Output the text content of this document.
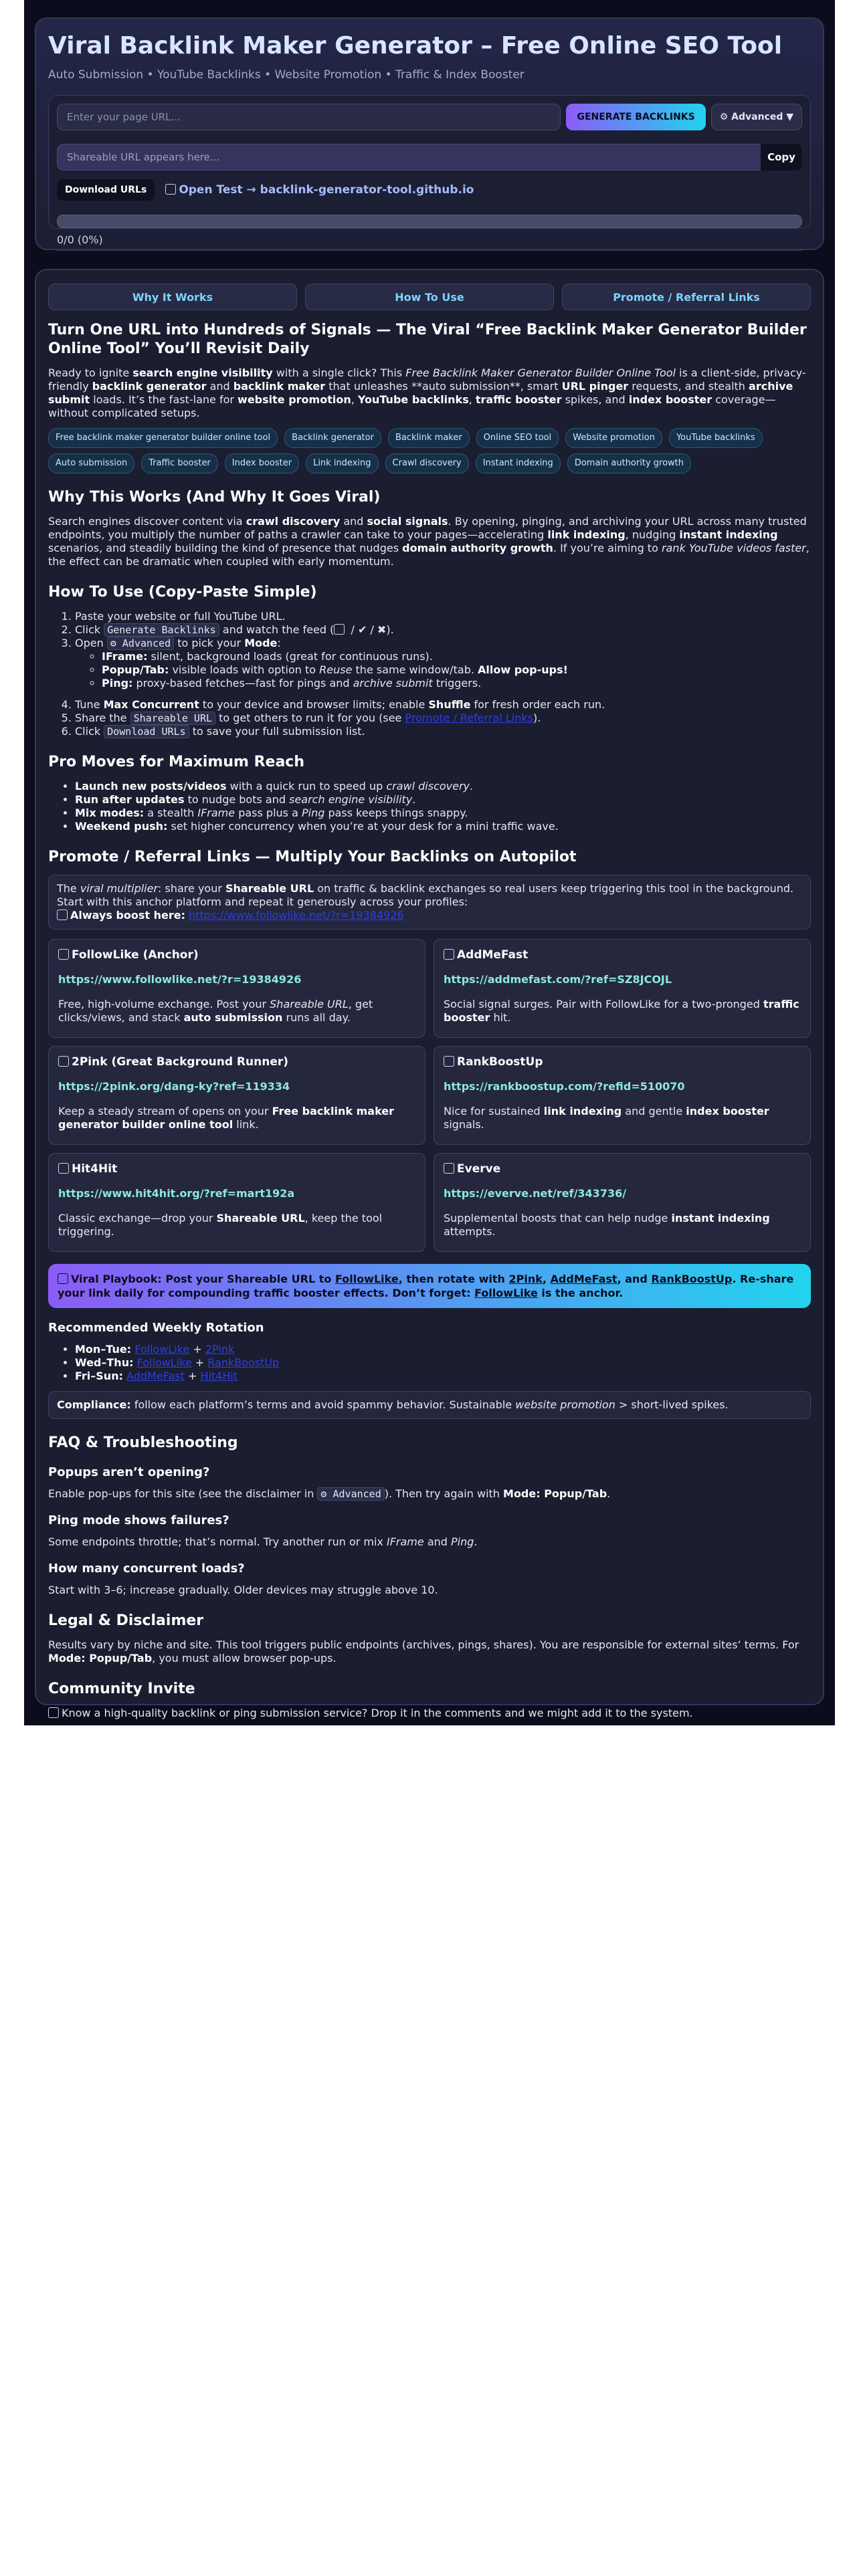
Viral Backlink Maker Generator – Free Online SEO Tool
Auto Submission • YouTube Backlinks • Website Promotion • Traffic & Index Booster
Enter your page URL...
GENERATE BACKLINKS	⚙ Advanced ▼
Shareable URL appears here...
Copy
Download URLs	Open Test → backlink-generator-tool.github.io
0/0 (0%)
Why It Works	How To Use	Promote / Referral Links
Turn One URL into Hundreds of Signals — The Viral “Free Backlink Maker Generator Builder Online Tool” You’ll Revisit Daily

Ready to ignite search engine visibility with a single click? This Free Backlink Maker Generator Builder Online Tool is a client-side, privacy-friendly backlink generator and backlink maker that unleashes **auto submission**, smart URL pinger requests, and stealth archive submit loads. It’s the fast-lane for website promotion, YouTube backlinks, traffic booster spikes, and index booster coverage—without complicated setups.

Free backlink maker generator builder online tool	Backlink generator	Backlink maker	Online SEO tool	Website promotion	YouTube backlinks
Auto submission	Traffic booster	Index booster	Link indexing	Crawl discovery	Instant indexing	Domain authority growth
Why This Works (And Why It Goes Viral)

Search engines discover content via crawl discovery and social signals. By opening, pinging, and archiving your URL across many trusted endpoints, you multiply the number of paths a crawler can take to your pages—accelerating link indexing, nudging instant indexing scenarios, and steadily building the kind of presence that nudges domain authority growth. If you’re aiming to rank YouTube videos faster, the effect can be dramatic when coupled with early momentum.

How To Use (Copy-Paste Simple)
1. Paste your website or full YouTube URL.
2. Click Generate Backlinks and watch the feed ( / ✔ / ✖).
3. Open ⚙ Advanced to pick your Mode:
◦ IFrame: silent, background loads (great for continuous runs).
◦ Popup/Tab: visible loads with option to Reuse the same window/tab. Allow pop-ups!
◦ Ping: proxy-based fetches—fast for pings and archive submit triggers.
4. Tune Max Concurrent to your device and browser limits; enable Shuffle for fresh order each run.
5. Share the Shareable URL to get others to run it for you (see Promote / Referral Links).
6. Click Download URLs to save your full submission list.
Pro Moves for Maximum Reach
• Launch new posts/videos with a quick run to speed up crawl discovery.
• Run after updates to nudge bots and search engine visibility.
• Mix modes: a stealth IFrame pass plus a Ping pass keeps things snappy.
• Weekend push: set higher concurrency when you’re at your desk for a mini traffic wave.
Promote / Referral Links — Multiply Your Backlinks on Autopilot

The viral multiplier: share your Shareable URL on traffic & backlink exchanges so real users keep triggering this tool in the background. Start with this anchor platform and repeat it generously across your profiles:
Always boost here: https://www.followlike.net/?r=19384926

FollowLike (Anchor)
https://www.followlike.net/?r=19384926

Free, high-volume exchange. Post your Shareable URL, get clicks/views, and stack auto submission runs all day.

AddMeFast
https://addmefast.com/?ref=SZ8JCOJL

Social signal surges. Pair with FollowLike for a two-pronged traffic booster hit.

2Pink (Great Background Runner)
https://2pink.org/dang-ky?ref=119334

Keep a steady stream of opens on your Free backlink maker generator builder online tool link.

RankBoostUp
https://rankboostup.com/?refid=510070

Nice for sustained link indexing and gentle index booster signals.

Hit4Hit
https://www.hit4hit.org/?ref=mart192a

Classic exchange—drop your Shareable URL, keep the tool triggering.

Everve
https://everve.net/ref/343736/

Supplemental boosts that can help nudge instant indexing attempts.

Viral Playbook: Post your Shareable URL to FollowLike, then rotate with 2Pink, AddMeFast, and RankBoostUp. Re-share your link daily for compounding traffic booster effects. Don’t forget: FollowLike is the anchor.
Recommended Weekly Rotation
• Mon–Tue: FollowLike + 2Pink
• Wed–Thu: FollowLike + RankBoostUp
• Fri–Sun: AddMeFast + Hit4Hit

Compliance: follow each platform’s terms and avoid spammy behavior. Sustainable website promotion > short-lived spikes.

FAQ & Troubleshooting
Popups aren’t opening?

Enable pop-ups for this site (see the disclaimer in ⚙ Advanced ). Then try again with Mode: Popup/Tab.

Ping mode shows failures?

Some endpoints throttle; that’s normal. Try another run or mix IFrame and Ping.

How many concurrent loads?

Start with 3–6; increase gradually. Older devices may struggle above 10.

Legal & Disclaimer

Results vary by niche and site. This tool triggers public endpoints (archives, pings, shares). You are responsible for external sites’ terms. For Mode: Popup/Tab, you must allow browser pop-ups.

Community Invite

Know a high-quality backlink or ping submission service? Drop it in the comments and we might add it to the system.
